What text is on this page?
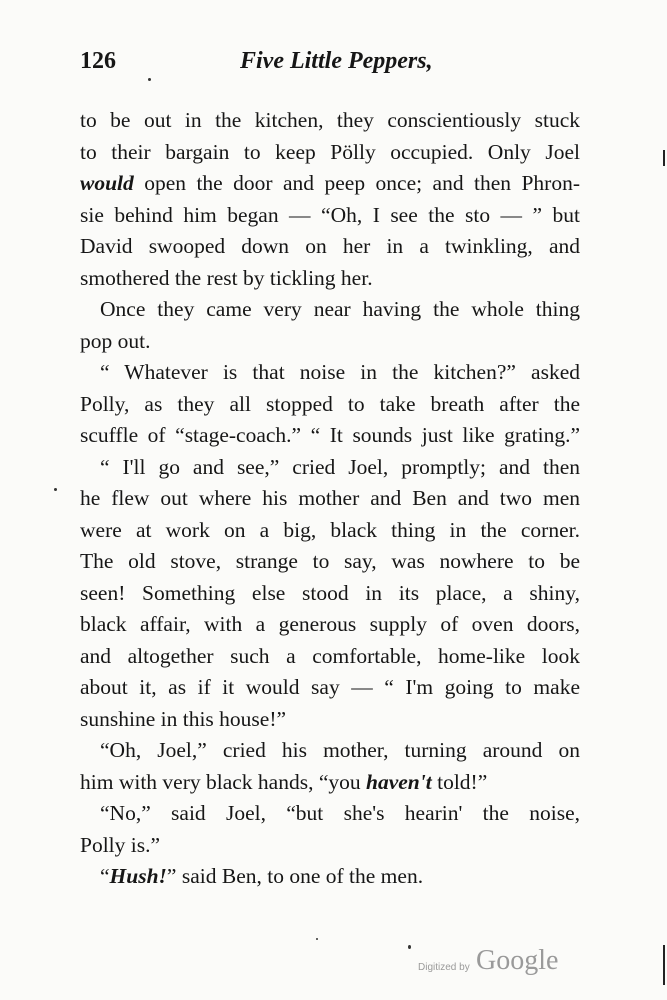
126	Five Little Peppers,
to be out in the kitchen, they conscientiously stuck
to their bargain to keep Pölly occupied. Only Joel
would open the door and peep once; and then Phron-
sie behind him began — “Oh, I see the sto — ” but
David swooped down on her in a twinkling, and
smothered the rest by tickling her.
Once they came very near having the whole thing
pop out.
“ Whatever is that noise in the kitchen?” asked
Polly, as they all stopped to take breath after the
scuffle of “stage-coach.” “ It sounds just like grating.”
“ I'll go and see,” cried Joel, promptly; and then
he flew out where his mother and Ben and two men
were at work on a big, black thing in the corner.
The old stove, strange to say, was nowhere to be
seen! Something else stood in its place, a shiny,
black affair, with a generous supply of oven doors,
and altogether such a comfortable, home-like look
about it, as if it would say — “ I'm going to make
sunshine in this house!”
“Oh, Joel,” cried his mother, turning around on
him with very black hands, “you haven't told!”
“No,” said Joel, “but she's hearin' the noise,
Polly is.”
“Hush!” said Ben, to one of the men.
Digitized by Google
